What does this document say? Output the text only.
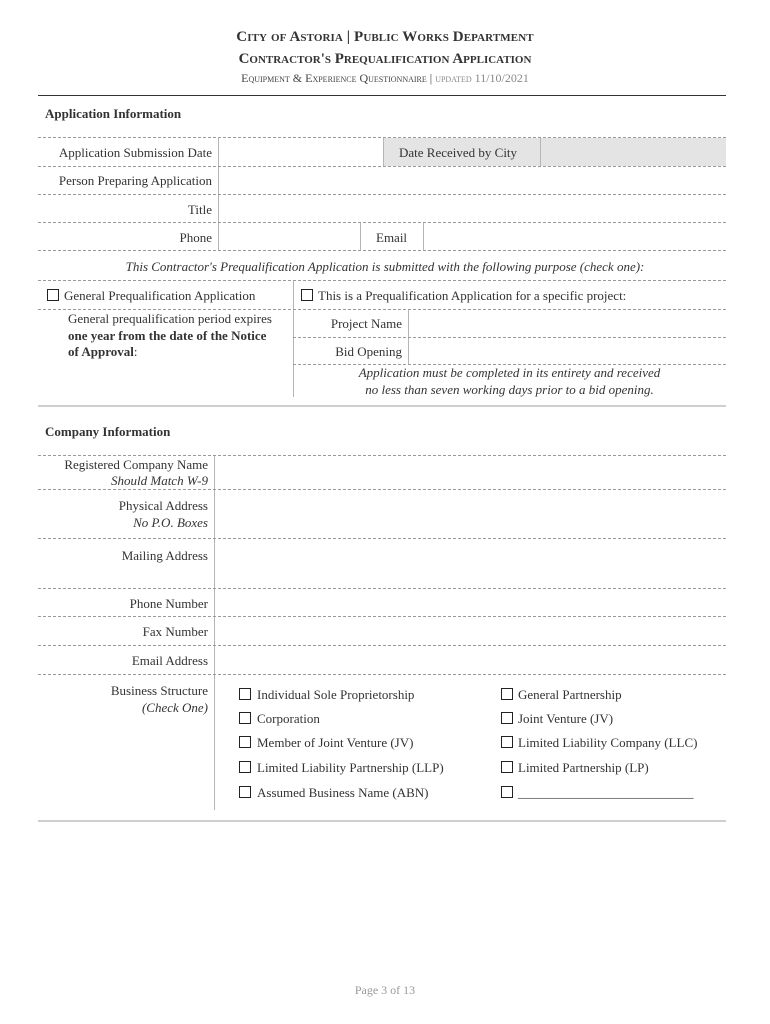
City of Astoria | Public Works Department
Contractor's Prequalification Application
Equipment & Experience Questionnaire | updated 11/10/2021
Application Information
Application Submission Date	Date Received by City
Person Preparing Application
Title
Phone	Email
This Contractor's Prequalification Application is submitted with the following purpose (check one):
General Prequalification Application	This is a Prequalification Application for a specific project:
General prequalification period expires
one year from the date of the Notice
of Approval:
Project Name
Bid Opening
Application must be completed in its entirety and received
no less than seven working days prior to a bid opening.
Company Information
Registered Company Name
Should Match W-9
Physical Address
No P.O. Boxes
Mailing Address
Phone Number
Fax Number
Email Address
Business Structure
(Check One)
Individual Sole Proprietorship
Corporation
Member of Joint Venture (JV)
Limited Liability Partnership (LLP)
Assumed Business Name (ABN)
General Partnership
Joint Venture (JV)
Limited Liability Company (LLC)
Limited Partnership (LP)
___________________________
Page 3 of 13
